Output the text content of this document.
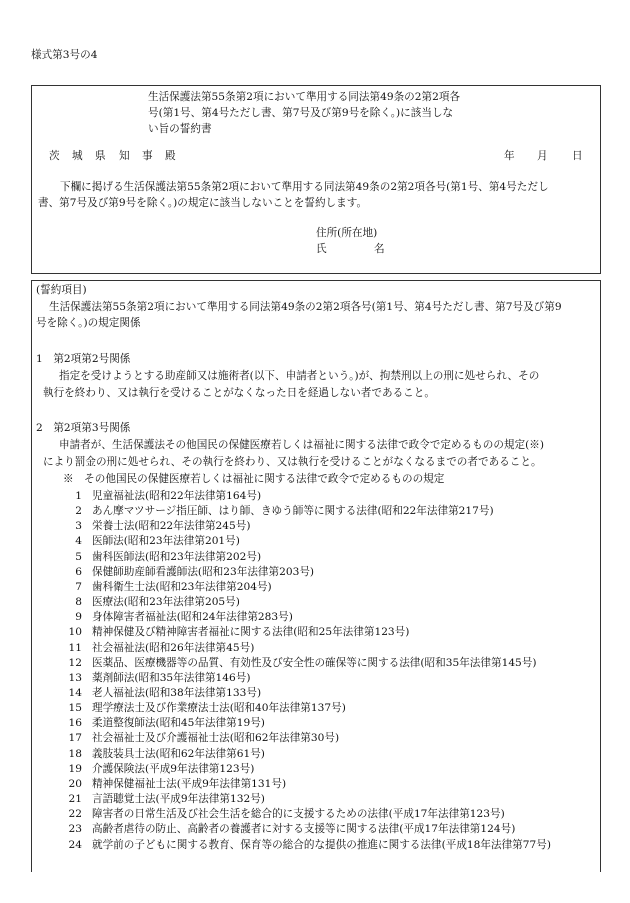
様式第3号の4
生活保護法第55条第2項において準用する同法第49条の2第2項各
号(第1号、第4号ただし書、第7号及び第9号を除く。)に該当しな
い旨の誓約書
茨 城 県 知 事 殿	年 月 日
下欄に掲げる生活保護法第55条第2項において準用する同法第49条の2第2項各号(第1号、第4号ただし
書、第7号及び第9号を除く。)の規定に該当しないことを誓約します。
住所(所在地)
氏	名
(誓約項目)
生活保護法第55条第2項において準用する同法第49条の2第2項各号(第1号、第4号ただし書、第7号及び第9
号を除く。)の規定関係
1　第2項第2号関係
指定を受けようとする助産師又は施術者(以下、申請者という。)が、拘禁刑以上の刑に処せられ、その
執行を終わり、又は執行を受けることがなくなった日を経過しない者であること。
2　第2項第3号関係
申請者が、生活保護法その他国民の保健医療若しくは福祉に関する法律で政令で定めるものの規定(※)
により罰金の刑に処せられ、その執行を終わり、又は執行を受けることがなくなるまでの者であること。
※　その他国民の保健医療若しくは福祉に関する法律で政令で定めるものの規定
1 児童福祉法(昭和22年法律第164号)
2 あん摩マツサージ指圧師、はり師、きゆう師等に関する法律(昭和22年法律第217号)
3 栄養士法(昭和22年法律第245号)
4 医師法(昭和23年法律第201号)
5 歯科医師法(昭和23年法律第202号)
6 保健師助産師看護師法(昭和23年法律第203号)
7 歯科衛生士法(昭和23年法律第204号)
8 医療法(昭和23年法律第205号)
9 身体障害者福祉法(昭和24年法律第283号)
10 精神保健及び精神障害者福祉に関する法律(昭和25年法律第123号)
11 社会福祉法(昭和26年法律第45号)
12 医薬品、医療機器等の品質、有効性及び安全性の確保等に関する法律(昭和35年法律第145号)
13 薬剤師法(昭和35年法律第146号)
14 老人福祉法(昭和38年法律第133号)
15 理学療法士及び作業療法士法(昭和40年法律第137号)
16 柔道整復師法(昭和45年法律第19号)
17 社会福祉士及び介護福祉士法(昭和62年法律第30号)
18 義肢装具士法(昭和62年法律第61号)
19 介護保険法(平成9年法律第123号)
20 精神保健福祉士法(平成9年法律第131号)
21 言語聴覚士法(平成9年法律第132号)
22 障害者の日常生活及び社会生活を総合的に支援するための法律(平成17年法律第123号)
23 高齢者虐待の防止、高齢者の養護者に対する支援等に関する法律(平成17年法律第124号)
24 就学前の子どもに関する教育、保育等の総合的な提供の推進に関する法律(平成18年法律第77号)
